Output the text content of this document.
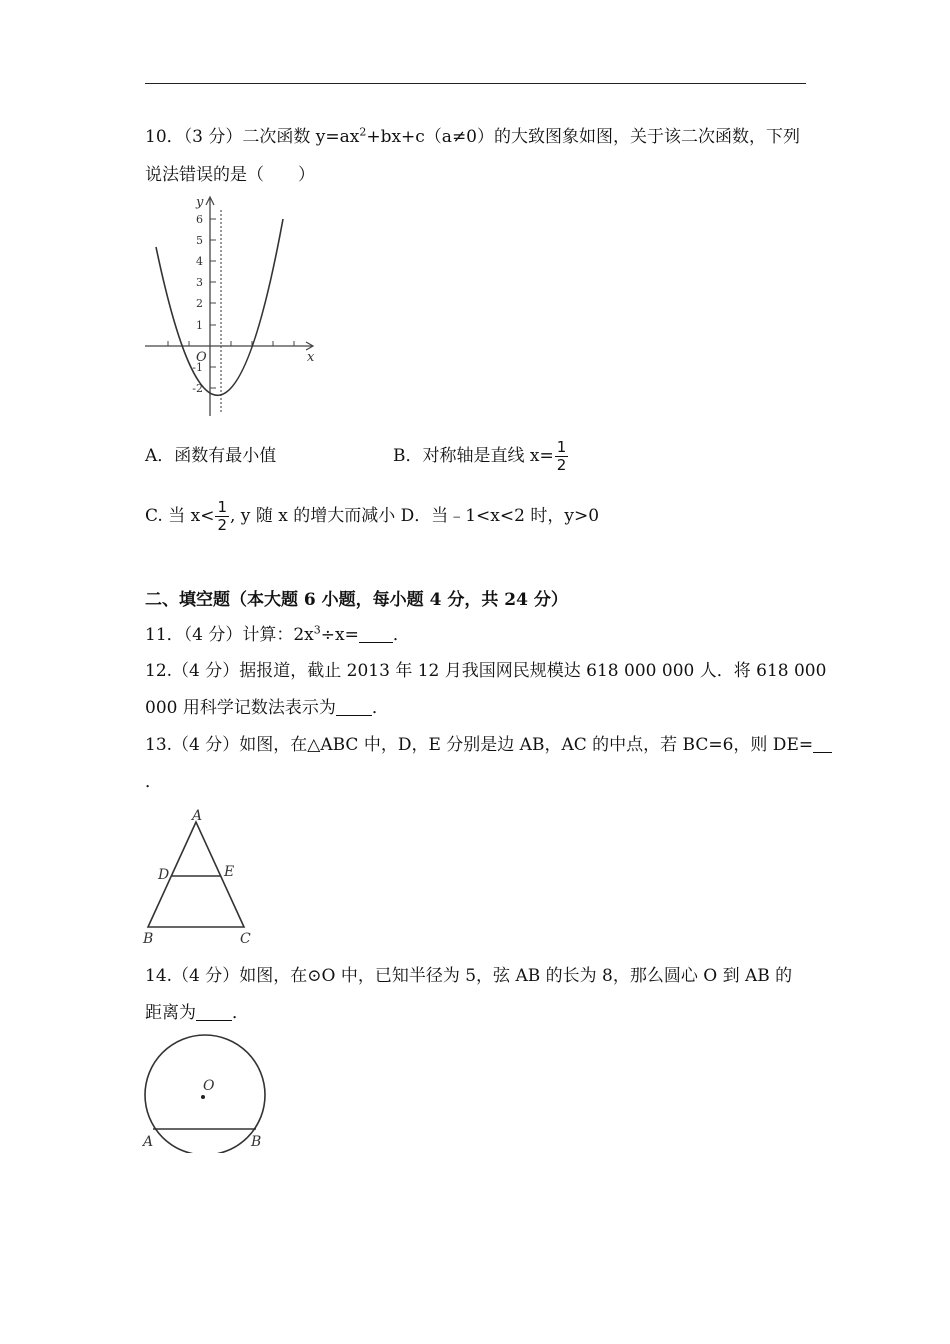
10．（3 分）二次函数 $y=ax^2+bx+c(a\ne 0)$的大致图象如图，关于该二次函数，下列
说法错误的是（　　）
y
x
O
6
5
4
3
2
1
-1
-2
A．函数有最小值	B．对称轴是直线 $x= \frac{1}{2}$
C. 当 $x< \frac{1}{2}$ , y 随 x 的增大而减小 D．当﹣1<x<2 时，y>0
二、填空题（本大题 6 小题，每小题 4 分，共 24 分）
11．（4 分）计算：$2x^3\div x=$ ．
12.（4 分）据报道，截止 2013 年 12 月我国网民规模达 618 000 000 人．将 618 000
000 用科学记数法表示为 ．
13.（4 分）如图，在△ABC 中，D，E 分别是边 AB，AC 的中点，若 BC=6，则 DE=
．
A
D	E
B	C
14.（4 分）如图，在⊙O 中，已知半径为 5，弦 AB 的长为 8，那么圆心 O 到 AB 的
距离为 ．
O
A	B
